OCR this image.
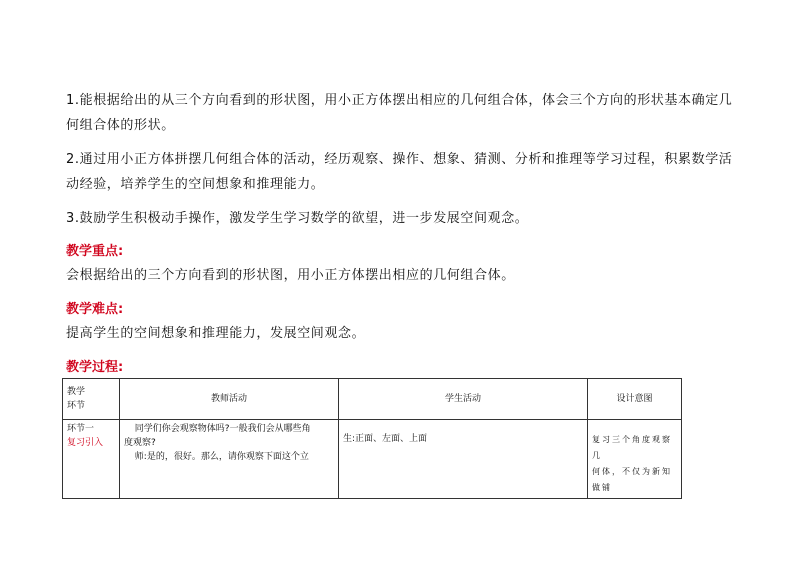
1.能根据给出的从三个方向看到的形状图，用小正方体摆出相应的几何组合体，体会三个方向的形状基本确定几
何组合体的形状。

2.通过用小正方体拼摆几何组合体的活动，经历观察、操作、想象、猜测、分析和推理等学习过程，积累数学活
动经验，培养学生的空间想象和推理能力。

3.鼓励学生积极动手操作，激发学生学习数学的欲望，进一步发展空间观念。

教学重点:

会根据给出的三个方向看到的形状图，用小正方体摆出相应的几何组合体。

教学难点:

提高学生的空间想象和推理能力，发展空间观念。

教学过程:

教学
环节	教师活动	学生活动	设计意图

环节一
复习引入	同学们你会观察物体吗?一般我们会从哪些角
度观察?
师:是的，很好。那么，请你观察下面这个立	生:正面、左面、上面	复习三个角度观察几
何体，不仅为新知做铺
